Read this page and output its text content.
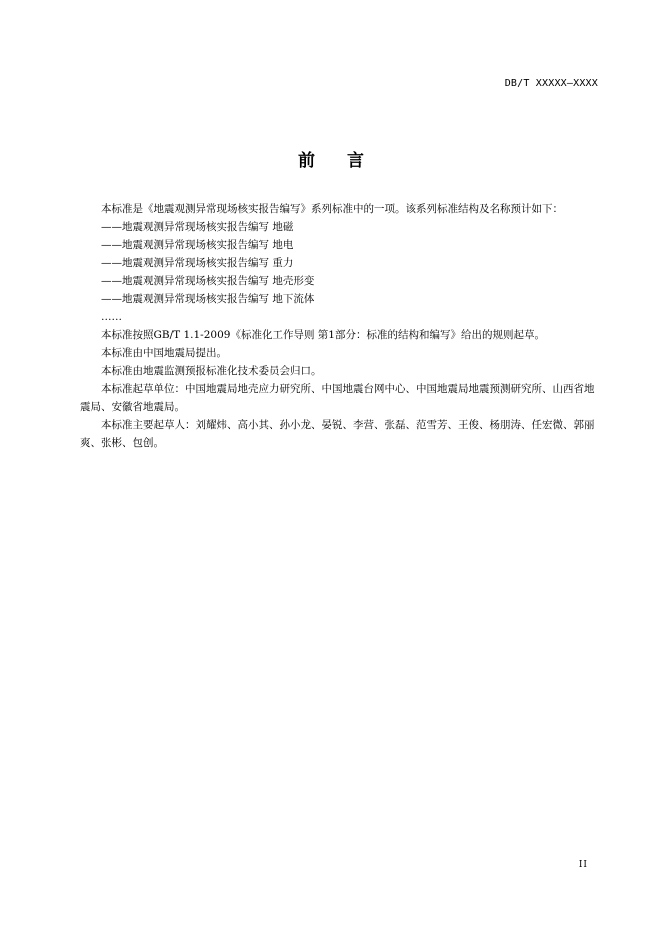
DB/T XXXXX—XXXX
前 言

本标准是《地震观测异常现场核实报告编写》系列标准中的一项。该系列标准结构及名称预计如下：

——地震观测异常现场核实报告编写 地磁

——地震观测异常现场核实报告编写 地电

——地震观测异常现场核实报告编写 重力

——地震观测异常现场核实报告编写 地壳形变

——地震观测异常现场核实报告编写 地下流体

……

本标准按照GB/T 1.1-2009《标准化工作导则 第1部分：标准的结构和编写》给出的规则起草。

本标准由中国地震局提出。

本标准由地震监测预报标准化技术委员会归口。

本标准起草单位：中国地震局地壳应力研究所、中国地震台网中心、中国地震局地震预测研究所、山西省地震局、安徽省地震局。

本标准主要起草人：刘耀炜、高小其、孙小龙、晏锐、李营、张磊、范雪芳、王俊、杨朋涛、任宏微、郭丽爽、张彬、包创。

II
